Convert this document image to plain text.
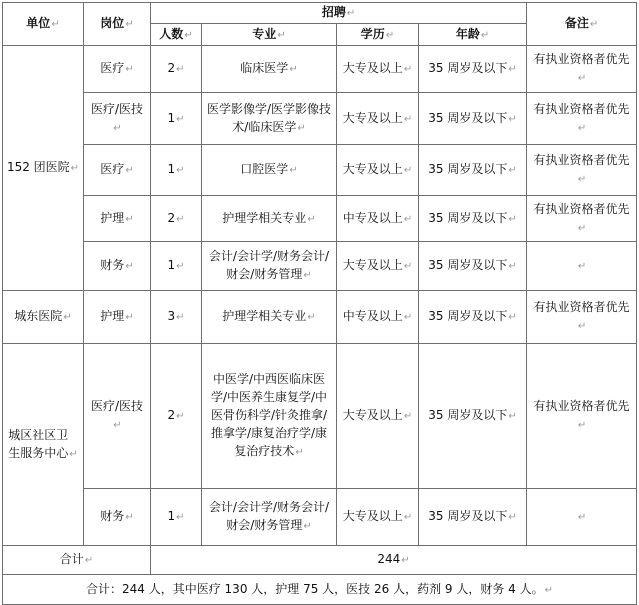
单位↵	岗位↵	招聘↵				备注↵
		人数↵	专业↵	学历↵	年龄↵	
152 团医院↵	医疗↵	2↵	临床医学↵	大专及以上↵	35 周岁及以下↵	有执业资格者优先↵
	医疗/医技↵	1↵	医学影像学/医学影像技术/临床医学↵	大专及以上↵	35 周岁及以下↵	有执业资格者优先↵
	医疗↵	1↵	口腔医学↵	大专及以上↵	35 周岁及以下↵	有执业资格者优先↵
	护理↵	2↵	护理学相关专业↵	中专及以上↵	35 周岁及以下↵	有执业资格者优先↵
	财务↵	1↵	会计/会计学/财务会计/财会/财务管理↵	大专及以上↵	35 周岁及以下↵	↵
城东医院↵	护理↵	3↵	护理学相关专业↵	中专及以上↵	35 周岁及以下↵	有执业资格者优先↵
城区社区卫生服务中心↵	医疗/医技↵	2↵	中医学/中西医临床医学/中医养生康复学/中医骨伤科学/针灸推拿/推拿学/康复治疗学/康复治疗技术↵	大专及以上↵	35 周岁及以下↵	有执业资格者优先↵
	财务↵	1↵	会计/会计学/财务会计/财会/财务管理↵	大专及以上↵	35 周岁及以下↵	↵
合计↵		244↵				
合计：244 人，其中医疗 130 人，护理 75 人，医技 26 人，药剂 9 人，财务 4 人。↵						
